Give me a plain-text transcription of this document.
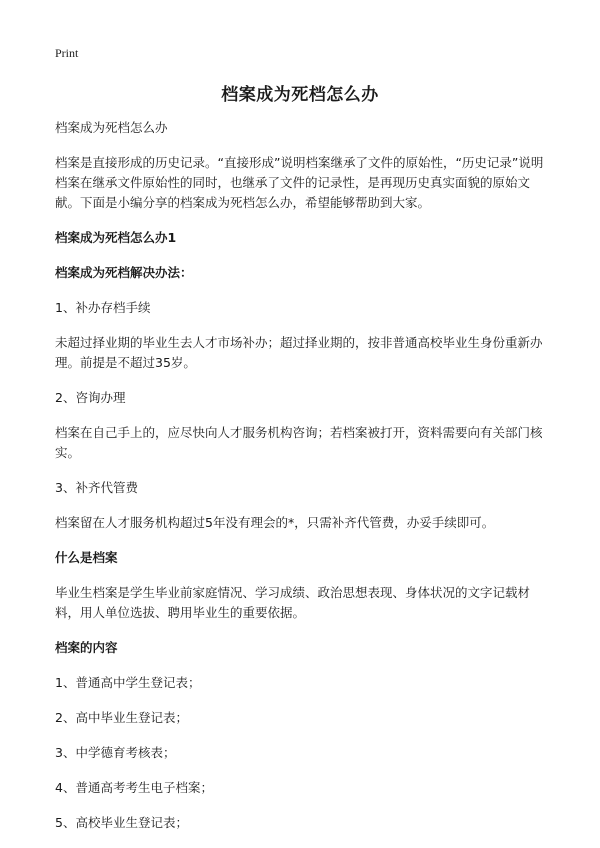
Print
档案成为死档怎么办

档案成为死档怎么办

档案是直接形成的历史记录。“直接形成”说明档案继承了文件的原始性，“历史记录”说明档案在继承文件原始性的同时，也继承了文件的记录性，是再现历史真实面貌的原始文献。下面是小编分享的档案成为死档怎么办，希望能够帮助到大家。

档案成为死档怎么办1

档案成为死档解决办法：

1、补办存档手续

未超过择业期的毕业生去人才市场补办；超过择业期的，按非普通高校毕业生身份重新办理。前提是不超过35岁。

2、咨询办理

档案在自己手上的，应尽快向人才服务机构咨询；若档案被打开，资料需要向有关部门核实。

3、补齐代管费

档案留在人才服务机构超过5年没有理会的*，只需补齐代管费，办妥手续即可。

什么是档案

毕业生档案是学生毕业前家庭情况、学习成绩、政治思想表现、身体状况的文字记载材料，用人单位选拔、聘用毕业生的重要依据。

档案的内容

1、普通高中学生登记表；

2、高中毕业生登记表；

3、中学德育考核表；

4、普通高考考生电子档案；

5、高校毕业生登记表；
